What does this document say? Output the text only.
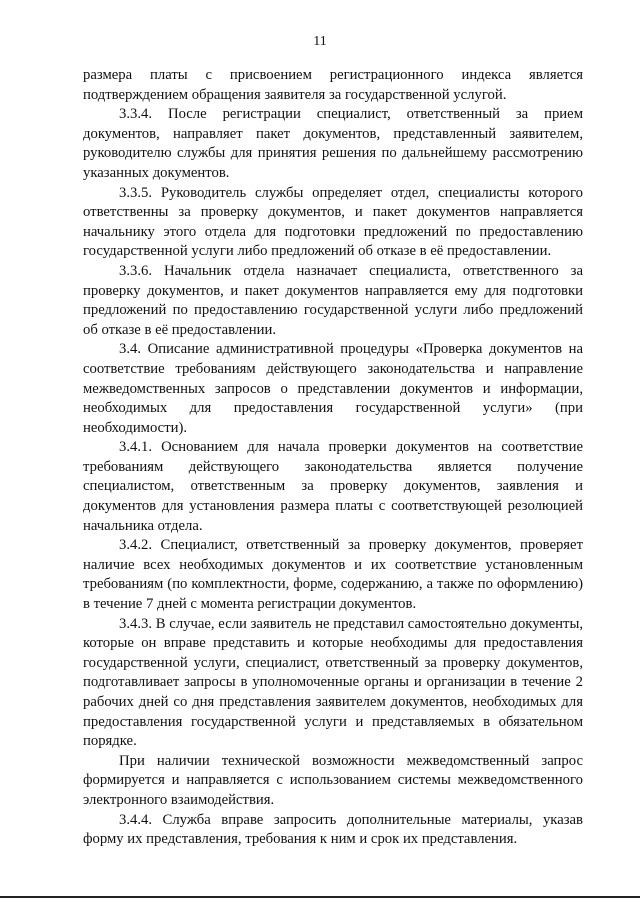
11

размера платы с присвоением регистрационного индекса является подтверждением обращения заявителя за государственной услугой.

3.3.4. После регистрации специалист, ответственный за прием документов, направляет пакет документов, представленный заявителем, руководителю службы для принятия решения по дальнейшему рассмотрению указанных документов.

3.3.5. Руководитель службы определяет отдел, специалисты которого ответственны за проверку документов, и пакет документов направляется начальнику этого отдела для подготовки предложений по предоставлению государственной услуги либо предложений об отказе в её предоставлении.

3.3.6. Начальник отдела назначает специалиста, ответственного за проверку документов, и пакет документов направляется ему для подготовки предложений по предоставлению государственной услуги либо предложений об отказе в её предоставлении.

3.4. Описание административной процедуры «Проверка документов на соответствие требованиям действующего законодательства и направление межведомственных запросов о представлении документов и информации, необходимых для предоставления государственной услуги» (при необходимости).

3.4.1. Основанием для начала проверки документов на соответствие требованиям действующего законодательства является получение специалистом, ответственным за проверку документов, заявления и документов для установления размера платы с соответствующей резолюцией начальника отдела.

3.4.2. Специалист, ответственный за проверку документов, проверяет наличие всех необходимых документов и их соответствие установленным требованиям (по комплектности, форме, содержанию, а также по оформлению) в течение 7 дней с момента регистрации документов.

3.4.3. В случае, если заявитель не представил самостоятельно документы, которые он вправе представить и которые необходимы для предоставления государственной услуги, специалист, ответственный за проверку документов, подготавливает запросы в уполномоченные органы и организации в течение 2 рабочих дней со дня представления заявителем документов, необходимых для предоставления государственной услуги и представляемых в обязательном порядке.

При наличии технической возможности межведомственный запрос формируется и направляется с использованием системы межведомственного электронного взаимодействия.

3.4.4. Служба вправе запросить дополнительные материалы, указав форму их представления, требования к ним и срок их представления.
